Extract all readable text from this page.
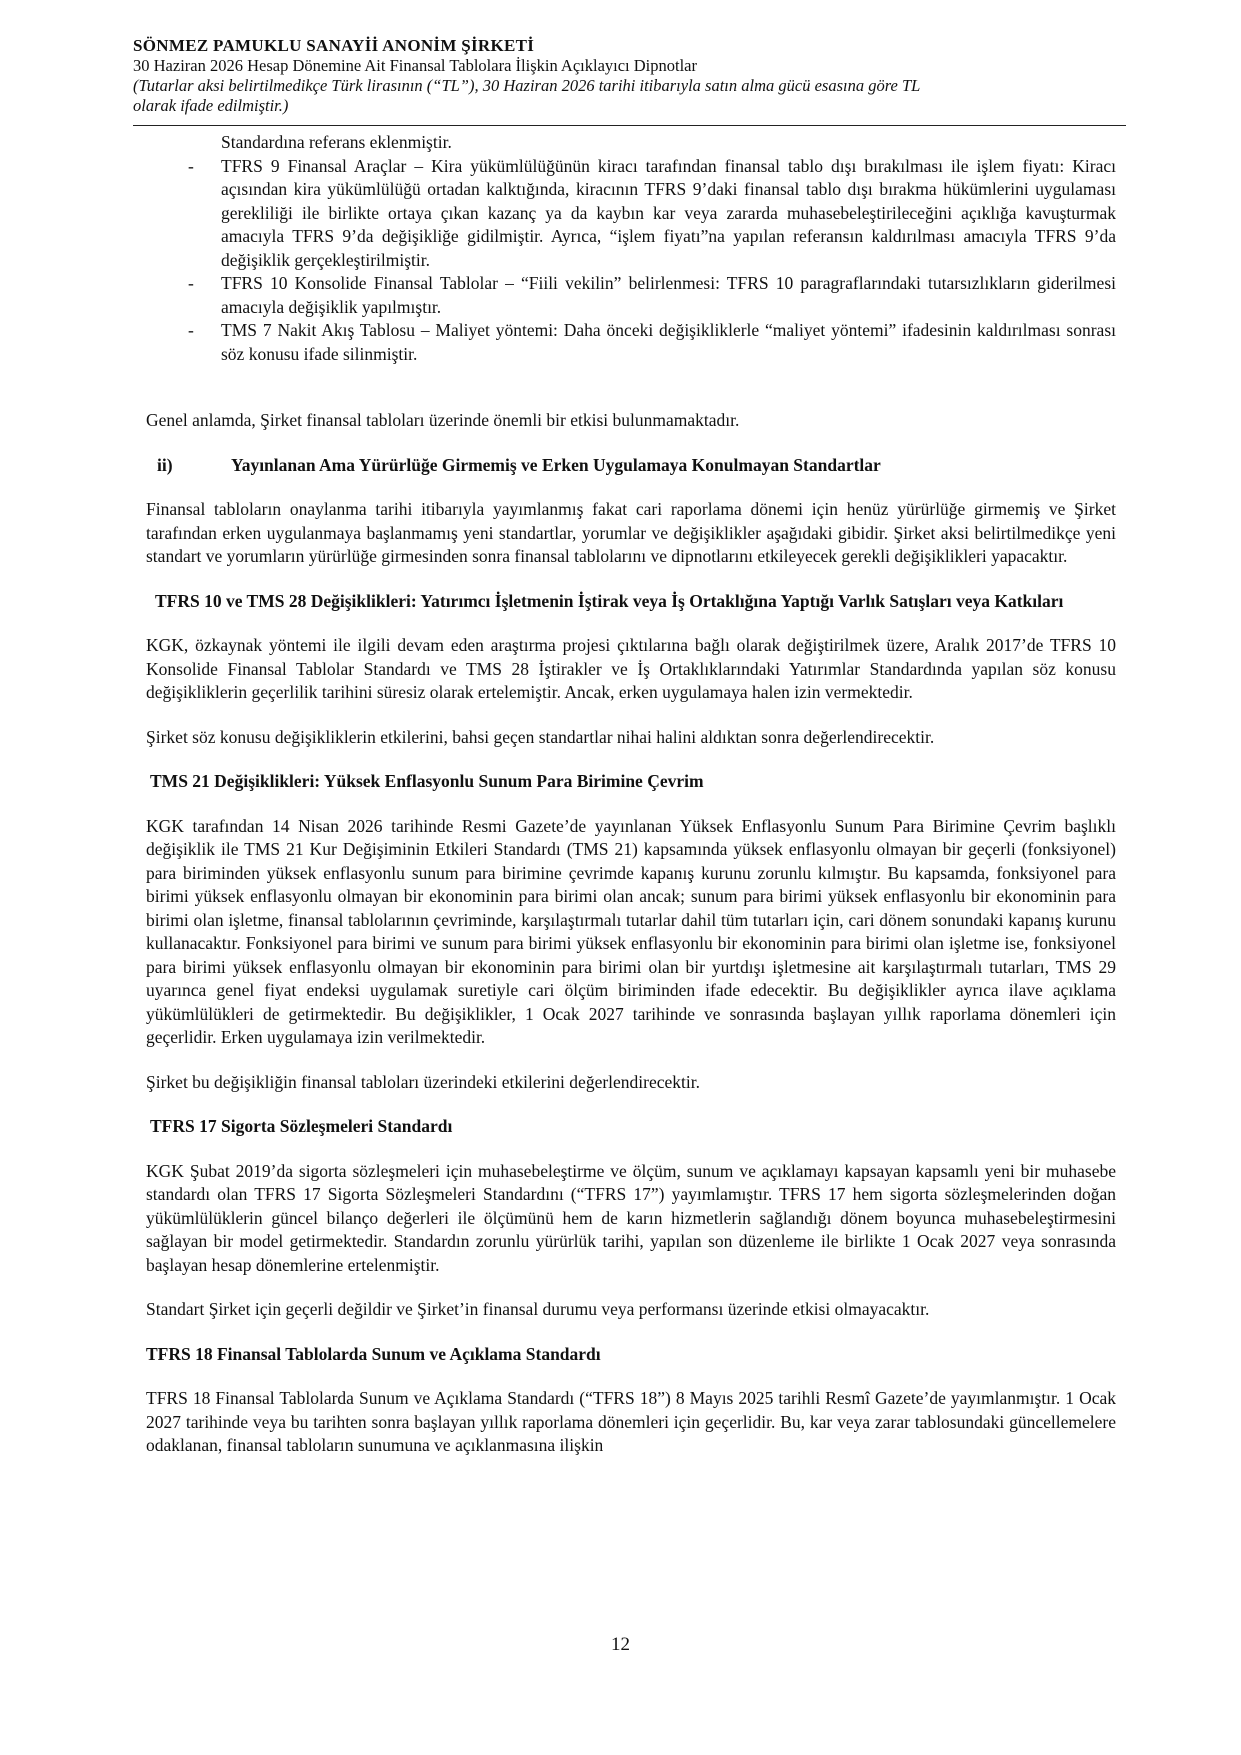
SÖNMEZ PAMUKLU SANAYİİ ANONİM ŞİRKETİ
30 Haziran 2026 Hesap Dönemine Ait Finansal Tablolara İlişkin Açıklayıcı Dipnotlar
(Tutarlar aksi belirtilmedikçe Türk lirasının (“TL”), 30 Haziran 2026 tarihi itibarıyla satın alma gücü esasına göre TL
olarak ifade edilmiştir.)
Standardına referans eklenmiştir.
- TFRS 9 Finansal Araçlar – Kira yükümlülüğünün kiracı tarafından finansal tablo dışı bırakılması ile işlem fiyatı: Kiracı açısından kira yükümlülüğü ortadan kalktığında, kiracının TFRS 9’daki finansal tablo dışı bırakma hükümlerini uygulaması gerekliliği ile birlikte ortaya çıkan kazanç ya da kaybın kar veya zararda muhasebeleştirileceğini açıklığa kavuşturmak amacıyla TFRS 9’da değişikliğe gidilmiştir. Ayrıca, “işlem fiyatı”na yapılan referansın kaldırılması amacıyla TFRS 9’da değişiklik gerçekleştirilmiştir.
- TFRS 10 Konsolide Finansal Tablolar – “Fiili vekilin” belirlenmesi: TFRS 10 paragraflarındaki tutarsızlıkların giderilmesi amacıyla değişiklik yapılmıştır.
- TMS 7 Nakit Akış Tablosu – Maliyet yöntemi: Daha önceki değişikliklerle “maliyet yöntemi” ifadesinin kaldırılması sonrası söz konusu ifade silinmiştir.

Genel anlamda, Şirket finansal tabloları üzerinde önemli bir etkisi bulunmamaktadır.

ii)	Yayınlanan Ama Yürürlüğe Girmemiş ve Erken Uygulamaya Konulmayan Standartlar

Finansal tabloların onaylanma tarihi itibarıyla yayımlanmış fakat cari raporlama dönemi için henüz yürürlüğe girmemiş ve Şirket tarafından erken uygulanmaya başlanmamış yeni standartlar, yorumlar ve değişiklikler aşağıdaki gibidir. Şirket aksi belirtilmedikçe yeni standart ve yorumların yürürlüğe girmesinden sonra finansal tablolarını ve dipnotlarını etkileyecek gerekli değişiklikleri yapacaktır.

TFRS 10 ve TMS 28 Değişiklikleri: Yatırımcı İşletmenin İştirak veya İş Ortaklığına Yaptığı Varlık Satışları veya Katkıları

KGK, özkaynak yöntemi ile ilgili devam eden araştırma projesi çıktılarına bağlı olarak değiştirilmek üzere, Aralık 2017’de TFRS 10 Konsolide Finansal Tablolar Standardı ve TMS 28 İştirakler ve İş Ortaklıklarındaki Yatırımlar Standardında yapılan söz konusu değişikliklerin geçerlilik tarihini süresiz olarak ertelemiştir. Ancak, erken uygulamaya halen izin vermektedir.

Şirket söz konusu değişikliklerin etkilerini, bahsi geçen standartlar nihai halini aldıktan sonra değerlendirecektir.

TMS 21 Değişiklikleri: Yüksek Enflasyonlu Sunum Para Birimine Çevrim

KGK tarafından 14 Nisan 2026 tarihinde Resmi Gazete’de yayınlanan Yüksek Enflasyonlu Sunum Para Birimine Çevrim başlıklı değişiklik ile TMS 21 Kur Değişiminin Etkileri Standardı (TMS 21) kapsamında yüksek enflasyonlu olmayan bir geçerli (fonksiyonel) para biriminden yüksek enflasyonlu sunum para birimine çevrimde kapanış kurunu zorunlu kılmıştır. Bu kapsamda, fonksiyonel para birimi yüksek enflasyonlu olmayan bir ekonominin para birimi olan ancak; sunum para birimi yüksek enflasyonlu bir ekonominin para birimi olan işletme, finansal tablolarının çevriminde, karşılaştırmalı tutarlar dahil tüm tutarları için, cari dönem sonundaki kapanış kurunu kullanacaktır. Fonksiyonel para birimi ve sunum para birimi yüksek enflasyonlu bir ekonominin para birimi olan işletme ise, fonksiyonel para birimi yüksek enflasyonlu olmayan bir ekonominin para birimi olan bir yurtdışı işletmesine ait karşılaştırmalı tutarları, TMS 29 uyarınca genel fiyat endeksi uygulamak suretiyle cari ölçüm biriminden ifade edecektir. Bu değişiklikler ayrıca ilave açıklama yükümlülükleri de getirmektedir. Bu değişiklikler, 1 Ocak 2027 tarihinde ve sonrasında başlayan yıllık raporlama dönemleri için geçerlidir. Erken uygulamaya izin verilmektedir.

Şirket bu değişikliğin finansal tabloları üzerindeki etkilerini değerlendirecektir.

TFRS 17 Sigorta Sözleşmeleri Standardı

KGK Şubat 2019’da sigorta sözleşmeleri için muhasebeleştirme ve ölçüm, sunum ve açıklamayı kapsayan kapsamlı yeni bir muhasebe standardı olan TFRS 17 Sigorta Sözleşmeleri Standardını (“TFRS 17”) yayımlamıştır. TFRS 17 hem sigorta sözleşmelerinden doğan yükümlülüklerin güncel bilanço değerleri ile ölçümünü hem de karın hizmetlerin sağlandığı dönem boyunca muhasebeleştirmesini sağlayan bir model getirmektedir. Standardın zorunlu yürürlük tarihi, yapılan son düzenleme ile birlikte 1 Ocak 2027 veya sonrasında başlayan hesap dönemlerine ertelenmiştir.

Standart Şirket için geçerli değildir ve Şirket’in finansal durumu veya performansı üzerinde etkisi olmayacaktır.

TFRS 18 Finansal Tablolarda Sunum ve Açıklama Standardı

TFRS 18 Finansal Tablolarda Sunum ve Açıklama Standardı (“TFRS 18”) 8 Mayıs 2025 tarihli Resmî Gazete’de yayımlanmıştır. 1 Ocak 2027 tarihinde veya bu tarihten sonra başlayan yıllık raporlama dönemleri için geçerlidir. Bu, kar veya zarar tablosundaki güncellemelere odaklanan, finansal tabloların sunumuna ve açıklanmasına ilişkin

12
